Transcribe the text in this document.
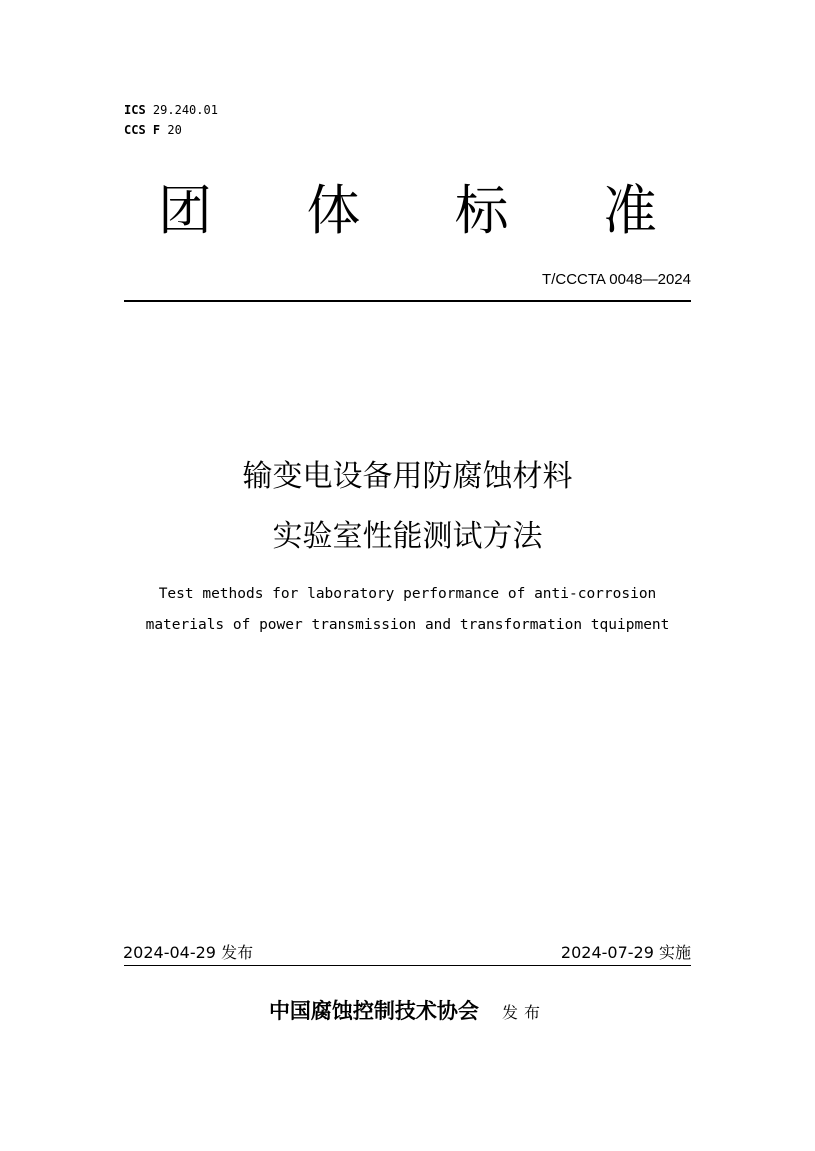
ICS 29.240.01
CCS F 20
团 体 标 准
T/CCCTA 0048—2024
输变电设备用防腐蚀材料
实验室性能测试方法
Test methods for laboratory performance of anti-corrosion
materials of power transmission and transformation tquipment
2024-04-29 发布	2024-07-29 实施
中国腐蚀控制技术协会 发布
